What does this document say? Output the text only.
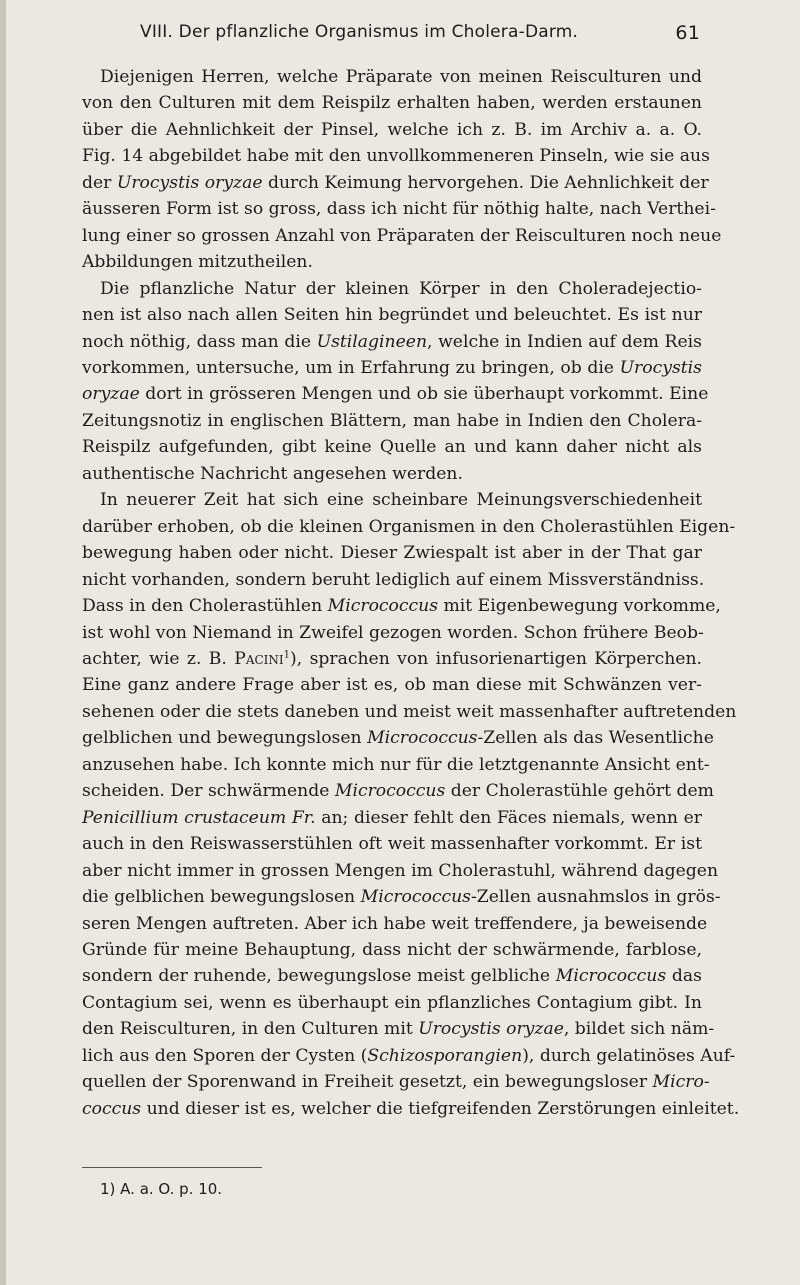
VIII. Der pflanzliche Organismus im Cholera-Darm.	61
Diejenigen Herren, welche Präparate von meinen Reisculturen und
von den Culturen mit dem Reispilz erhalten haben, werden erstaunen
über die Aehnlichkeit der Pinsel, welche ich z. B. im Archiv a. a. O.
Fig. 14 abgebildet habe mit den unvollkommeneren Pinseln, wie sie aus
der Urocystis oryzae durch Keimung hervorgehen. Die Aehnlichkeit der
äusseren Form ist so gross, dass ich nicht für nöthig halte, nach Verthei-
lung einer so grossen Anzahl von Präparaten der Reisculturen noch neue
Abbildungen mitzutheilen.
Die pflanzliche Natur der kleinen Körper in den Choleradejectio-
nen ist also nach allen Seiten hin begründet und beleuchtet. Es ist nur
noch nöthig, dass man die Ustilagineen, welche in Indien auf dem Reis
vorkommen, untersuche, um in Erfahrung zu bringen, ob die Urocystis
oryzae dort in grösseren Mengen und ob sie überhaupt vorkommt. Eine
Zeitungsnotiz in englischen Blättern, man habe in Indien den Cholera-
Reispilz aufgefunden, gibt keine Quelle an und kann daher nicht als
authentische Nachricht angesehen werden.
In neuerer Zeit hat sich eine scheinbare Meinungsverschiedenheit
darüber erhoben, ob die kleinen Organismen in den Cholerastühlen Eigen-
bewegung haben oder nicht. Dieser Zwiespalt ist aber in der That gar
nicht vorhanden, sondern beruht lediglich auf einem Missverständniss.
Dass in den Cholerastühlen Micrococcus mit Eigenbewegung vorkomme,
ist wohl von Niemand in Zweifel gezogen worden. Schon frühere Beob-
achter, wie z. B. Pacini$^1$), sprachen von infusorienartigen Körperchen.
Eine ganz andere Frage aber ist es, ob man diese mit Schwänzen ver-
sehenen oder die stets daneben und meist weit massenhafter auftretenden
gelblichen und bewegungslosen Micrococcus-Zellen als das Wesentliche
anzusehen habe. Ich konnte mich nur für die letztgenannte Ansicht ent-
scheiden. Der schwärmende Micrococcus der Cholerastühle gehört dem
Penicillium crustaceum Fr. an; dieser fehlt den Fäces niemals, wenn er
auch in den Reiswasserstühlen oft weit massenhafter vorkommt. Er ist
aber nicht immer in grossen Mengen im Cholerastuhl, während dagegen
die gelblichen bewegungslosen Micrococcus-Zellen ausnahmslos in grös-
seren Mengen auftreten. Aber ich habe weit treffendere, ja beweisende
Gründe für meine Behauptung, dass nicht der schwärmende, farblose,
sondern der ruhende, bewegungslose meist gelbliche Micrococcus das
Contagium sei, wenn es überhaupt ein pflanzliches Contagium gibt. In
den Reisculturen, in den Culturen mit Urocystis oryzae, bildet sich näm-
lich aus den Sporen der Cysten (Schizosporangien), durch gelatinöses Auf-
quellen der Sporenwand in Freiheit gesetzt, ein bewegungsloser Micro-
coccus und dieser ist es, welcher die tiefgreifenden Zerstörungen einleitet.
1) A. a. O. p. 10.
